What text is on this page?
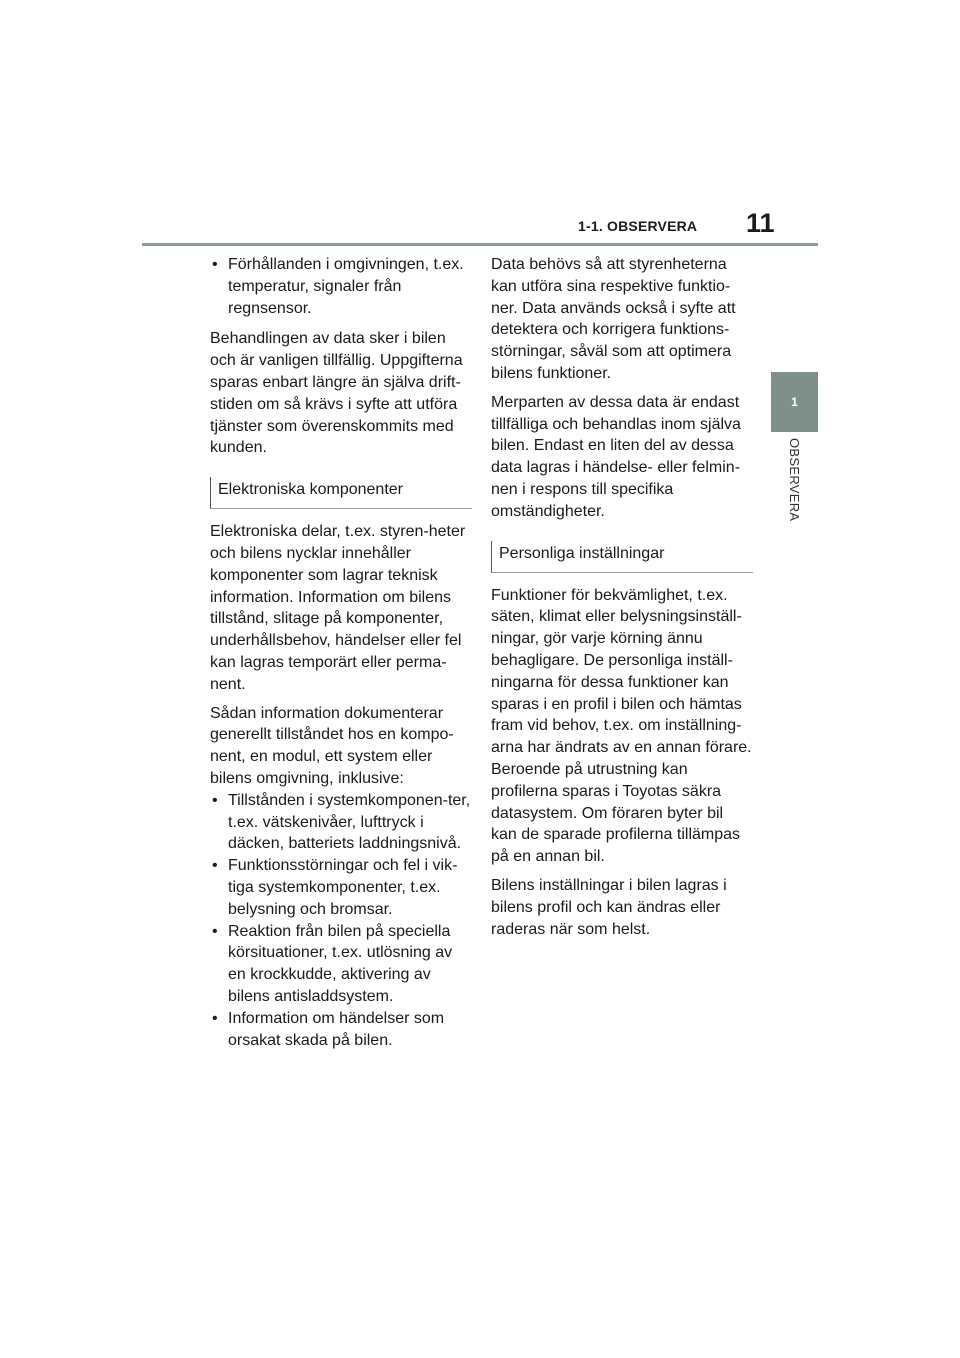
1-1. OBSERVERA 11
1
OBSERVERA
• Förhållanden i omgivningen, t.ex. temperatur, signaler från regnsensor.

Behandlingen av data sker i bilen och är vanligen tillfällig. Uppgifterna sparas enbart längre än själva drift-stiden om så krävs i syfte att utföra tjänster som överenskommits med kunden.

Elektroniska komponenter

Elektroniska delar, t.ex. styren-heter och bilens nycklar innehåller komponenter som lagrar teknisk information. Information om bilens tillstånd, slitage på komponenter, underhållsbehov, händelser eller fel kan lagras temporärt eller perma-nent.

Sådan information dokumenterar generellt tillståndet hos en kompo-nent, en modul, ett system eller bilens omgivning, inklusive:

• Tillstånden i systemkomponen-ter, t.ex. vätskenivåer, lufttryck i däcken, batteriets laddningsnivå.
• Funktionsstörningar och fel i vik-tiga systemkomponenter, t.ex. belysning och bromsar.
• Reaktion från bilen på speciella körsituationer, t.ex. utlösning av en krockkudde, aktivering av bilens antisladdsystem.
• Information om händelser som orsakat skada på bilen.

Data behövs så att styrenheterna kan utföra sina respektive funktio-ner. Data används också i syfte att detektera och korrigera funktions-störningar, såväl som att optimera bilens funktioner.

Merparten av dessa data är endast tillfälliga och behandlas inom själva bilen. Endast en liten del av dessa data lagras i händelse- eller felmin-nen i respons till specifika omständigheter.

Personliga inställningar

Funktioner för bekvämlighet, t.ex. säten, klimat eller belysningsinställ-ningar, gör varje körning ännu behagligare. De personliga inställ-ningarna för dessa funktioner kan sparas i en profil i bilen och hämtas fram vid behov, t.ex. om inställning-arna har ändrats av en annan förare. Beroende på utrustning kan profilerna sparas i Toyotas säkra datasystem. Om föraren byter bil kan de sparade profilerna tillämpas på en annan bil.

Bilens inställningar i bilen lagras i bilens profil och kan ändras eller raderas när som helst.
